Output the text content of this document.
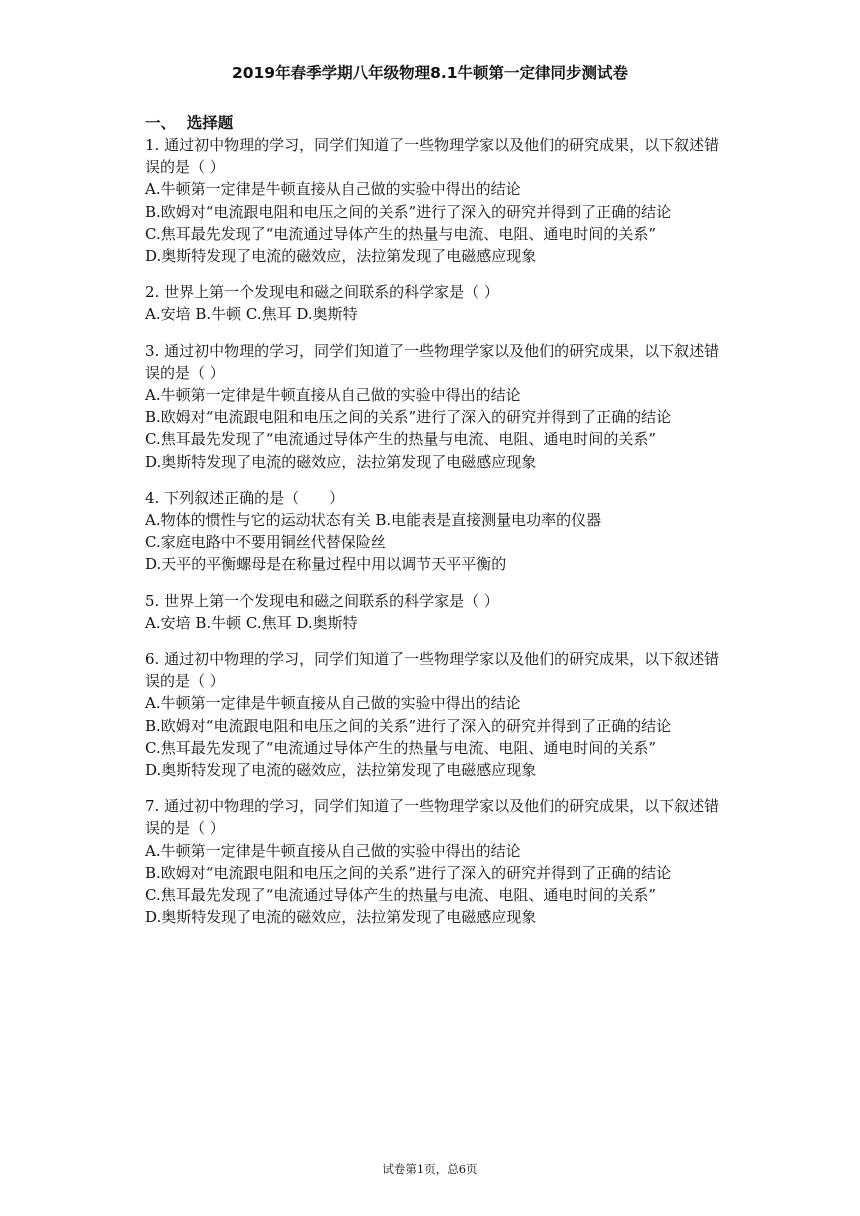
2019年春季学期八年级物理8.1牛顿第一定律同步测试卷
一、  选择题

1. 通过初中物理的学习，同学们知道了一些物理学家以及他们的研究成果，以下叙述错误的是（ ）

A.牛顿第一定律是牛顿直接从自己做的实验中得出的结论

B.欧姆对“电流跟电阻和电压之间的关系”进行了深入的研究并得到了正确的结论

C.焦耳最先发现了“电流通过导体产生的热量与电流、电阻、通电时间的关系”

D.奥斯特发现了电流的磁效应，法拉第发现了电磁感应现象

2. 世界上第一个发现电和磁之间联系的科学家是（ ）

A.安培 B.牛顿 C.焦耳 D.奥斯特

3. 通过初中物理的学习，同学们知道了一些物理学家以及他们的研究成果，以下叙述错误的是（ ）

A.牛顿第一定律是牛顿直接从自己做的实验中得出的结论

B.欧姆对“电流跟电阻和电压之间的关系”进行了深入的研究并得到了正确的结论

C.焦耳最先发现了“电流通过导体产生的热量与电流、电阻、通电时间的关系”

D.奥斯特发现了电流的磁效应，法拉第发现了电磁感应现象

4. 下列叙述正确的是（　　）

A.物体的惯性与它的运动状态有关 B.电能表是直接测量电功率的仪器

C.家庭电路中不要用铜丝代替保险丝

D.天平的平衡螺母是在称量过程中用以调节天平平衡的

5. 世界上第一个发现电和磁之间联系的科学家是（ ）

A.安培 B.牛顿 C.焦耳 D.奥斯特

6. 通过初中物理的学习，同学们知道了一些物理学家以及他们的研究成果，以下叙述错误的是（ ）

A.牛顿第一定律是牛顿直接从自己做的实验中得出的结论

B.欧姆对“电流跟电阻和电压之间的关系”进行了深入的研究并得到了正确的结论

C.焦耳最先发现了“电流通过导体产生的热量与电流、电阻、通电时间的关系”

D.奥斯特发现了电流的磁效应，法拉第发现了电磁感应现象

7. 通过初中物理的学习，同学们知道了一些物理学家以及他们的研究成果，以下叙述错误的是（ ）

A.牛顿第一定律是牛顿直接从自己做的实验中得出的结论

B.欧姆对“电流跟电阻和电压之间的关系”进行了深入的研究并得到了正确的结论

C.焦耳最先发现了“电流通过导体产生的热量与电流、电阻、通电时间的关系”

D.奥斯特发现了电流的磁效应，法拉第发现了电磁感应现象

试卷第1页，总6页
